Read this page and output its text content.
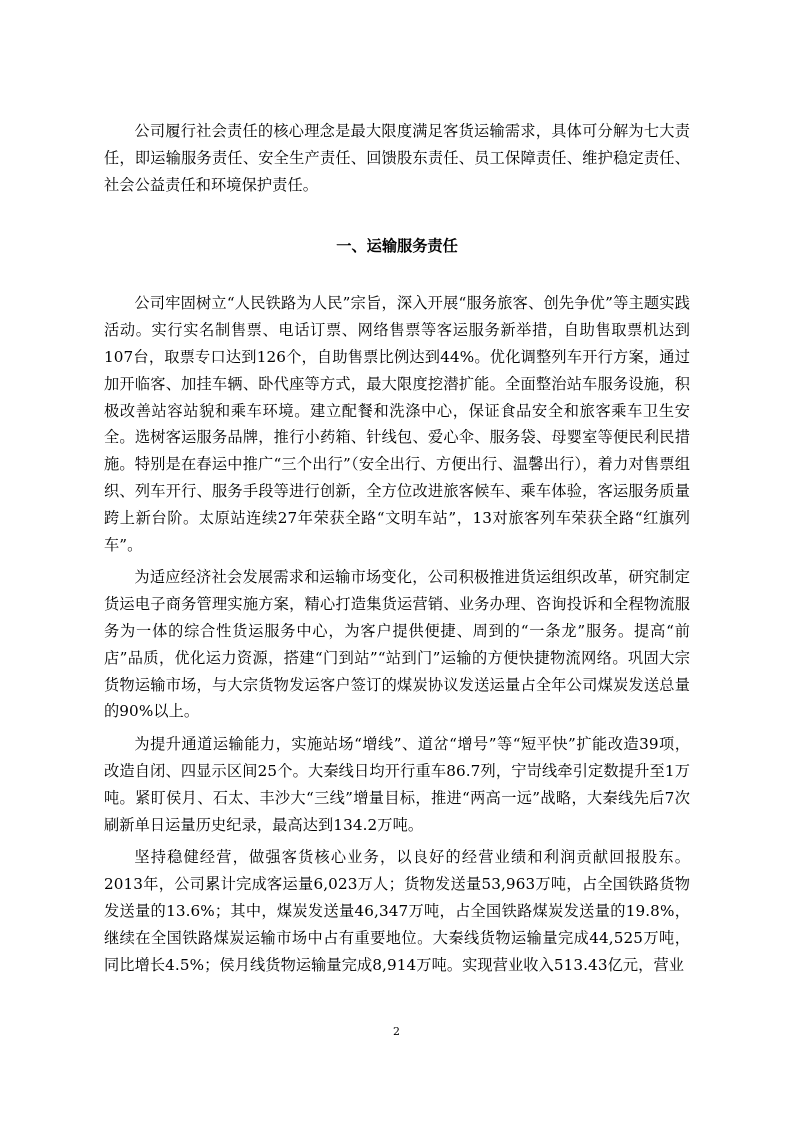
公司履行社会责任的核心理念是最大限度满足客货运输需求，具体可分解为七大责任，即运输服务责任、安全生产责任、回馈股东责任、员工保障责任、维护稳定责任、社会公益责任和环境保护责任。

一、运输服务责任

公司牢固树立“人民铁路为人民”宗旨，深入开展“服务旅客、创先争优”等主题实践活动。实行实名制售票、电话订票、网络售票等客运服务新举措，自助售取票机达到107台，取票专口达到126个，自助售票比例达到44%。优化调整列车开行方案，通过加开临客、加挂车辆、卧代座等方式，最大限度挖潜扩能。全面整治站车服务设施，积极改善站容站貌和乘车环境。建立配餐和洗涤中心，保证食品安全和旅客乘车卫生安全。选树客运服务品牌，推行小药箱、针线包、爱心伞、服务袋、母婴室等便民利民措施。特别是在春运中推广“三个出行”（安全出行、方便出行、温馨出行），着力对售票组织、列车开行、服务手段等进行创新，全方位改进旅客候车、乘车体验，客运服务质量跨上新台阶。太原站连续27年荣获全路“文明车站”，13对旅客列车荣获全路“红旗列车”。

为适应经济社会发展需求和运输市场变化，公司积极推进货运组织改革，研究制定货运电子商务管理实施方案，精心打造集货运营销、业务办理、咨询投诉和全程物流服务为一体的综合性货运服务中心，为客户提供便捷、周到的“一条龙”服务。提高“前店”品质，优化运力资源，搭建“门到站”“站到门”运输的方便快捷物流网络。巩固大宗货物运输市场，与大宗货物发运客户签订的煤炭协议发送运量占全年公司煤炭发送总量的90%以上。

为提升通道运输能力，实施站场“增线”、道岔“增号”等“短平快”扩能改造39项，改造自闭、四显示区间25个。大秦线日均开行重车86.7列，宁岢线牵引定数提升至1万吨。紧盯侯月、石太、丰沙大“三线”增量目标，推进“两高一远”战略，大秦线先后7次刷新单日运量历史纪录，最高达到134.2万吨。

坚持稳健经营，做强客货核心业务，以良好的经营业绩和利润贡献回报股东。2013年，公司累计完成客运量6,023万人；货物发送量53,963万吨，占全国铁路货物发送量的13.6%；其中，煤炭发送量46,347万吨，占全国铁路煤炭发送量的19.8%，继续在全国铁路煤炭运输市场中占有重要地位。大秦线货物运输量完成44,525万吨，同比增长4.5%；侯月线货物运输量完成8,914万吨。实现营业收入513.43亿元，营业

2
